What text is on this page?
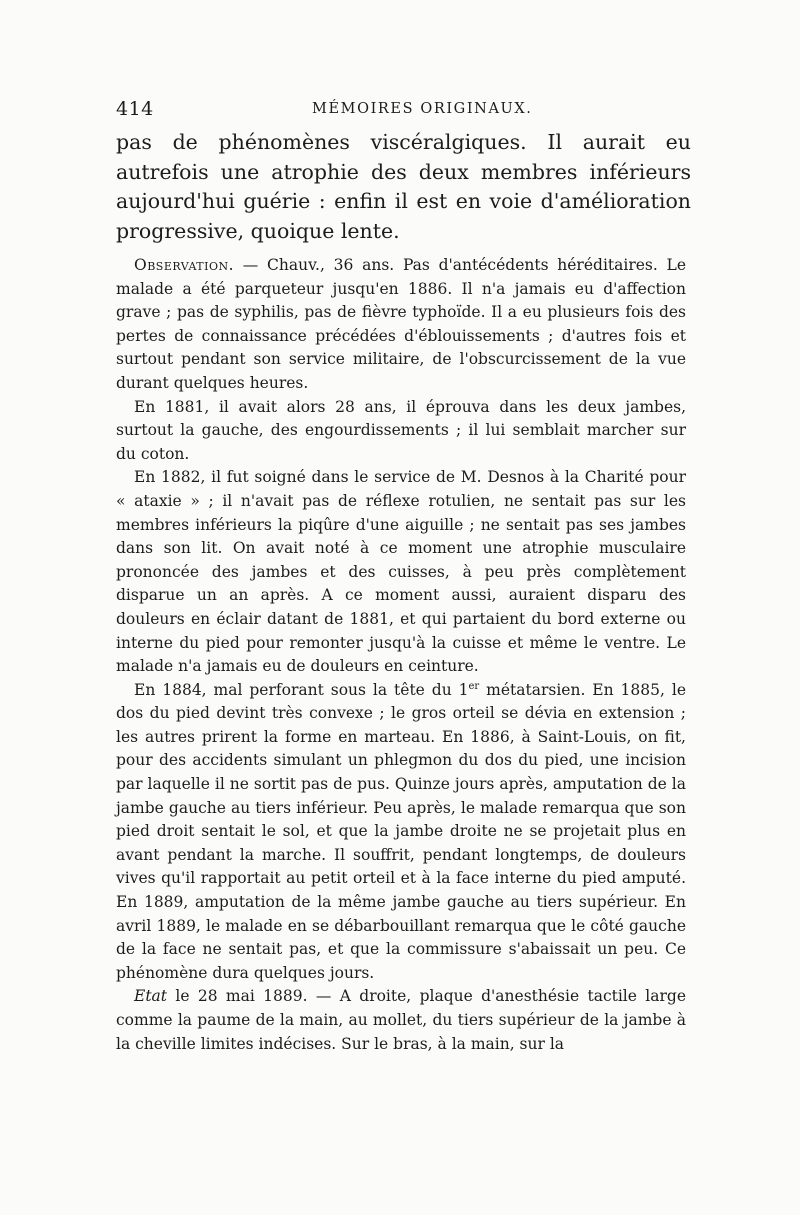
414	MÉMOIRES ORIGINAUX.

pas de phénomènes viscéralgiques. Il aurait eu autrefois une atrophie des deux membres inférieurs aujourd'hui guérie : enfin il est en voie d'amélioration progressive, quoique lente.

Observation. — Chauv., 36 ans. Pas d'antécédents héréditaires. Le malade a été parqueteur jusqu'en 1886. Il n'a jamais eu d'affection grave ; pas de syphilis, pas de fièvre typhoïde. Il a eu plusieurs fois des pertes de connaissance précédées d'éblouissements ; d'autres fois et surtout pendant son service militaire, de l'obscurcissement de la vue durant quelques heures.

En 1881, il avait alors 28 ans, il éprouva dans les deux jambes, surtout la gauche, des engourdissements ; il lui semblait marcher sur du coton.

En 1882, il fut soigné dans le service de M. Desnos à la Charité pour « ataxie » ; il n'avait pas de réflexe rotulien, ne sentait pas sur les membres inférieurs la piqûre d'une aiguille ; ne sentait pas ses jambes dans son lit. On avait noté à ce moment une atrophie musculaire prononcée des jambes et des cuisses, à peu près complètement disparue un an après. A ce moment aussi, auraient disparu des douleurs en éclair datant de 1881, et qui partaient du bord externe ou interne du pied pour remonter jusqu'à la cuisse et même le ventre. Le malade n'a jamais eu de douleurs en ceinture.

En 1884, mal perforant sous la tête du 1er métatarsien. En 1885, le dos du pied devint très convexe ; le gros orteil se dévia en extension ; les autres prirent la forme en marteau. En 1886, à Saint-Louis, on fit, pour des accidents simulant un phlegmon du dos du pied, une incision par laquelle il ne sortit pas de pus. Quinze jours après, amputation de la jambe gauche au tiers inférieur. Peu après, le malade remarqua que son pied droit sentait le sol, et que la jambe droite ne se projetait plus en avant pendant la marche. Il souffrit, pendant longtemps, de douleurs vives qu'il rapportait au petit orteil et à la face interne du pied amputé. En 1889, amputation de la même jambe gauche au tiers supérieur. En avril 1889, le malade en se débarbouillant remarqua que le côté gauche de la face ne sentait pas, et que la commissure s'abaissait un peu. Ce phénomène dura quelques jours.

Etat le 28 mai 1889. — A droite, plaque d'anesthésie tactile large comme la paume de la main, au mollet, du tiers supérieur de la jambe à la cheville limites indécises. Sur le bras, à la main, sur la
